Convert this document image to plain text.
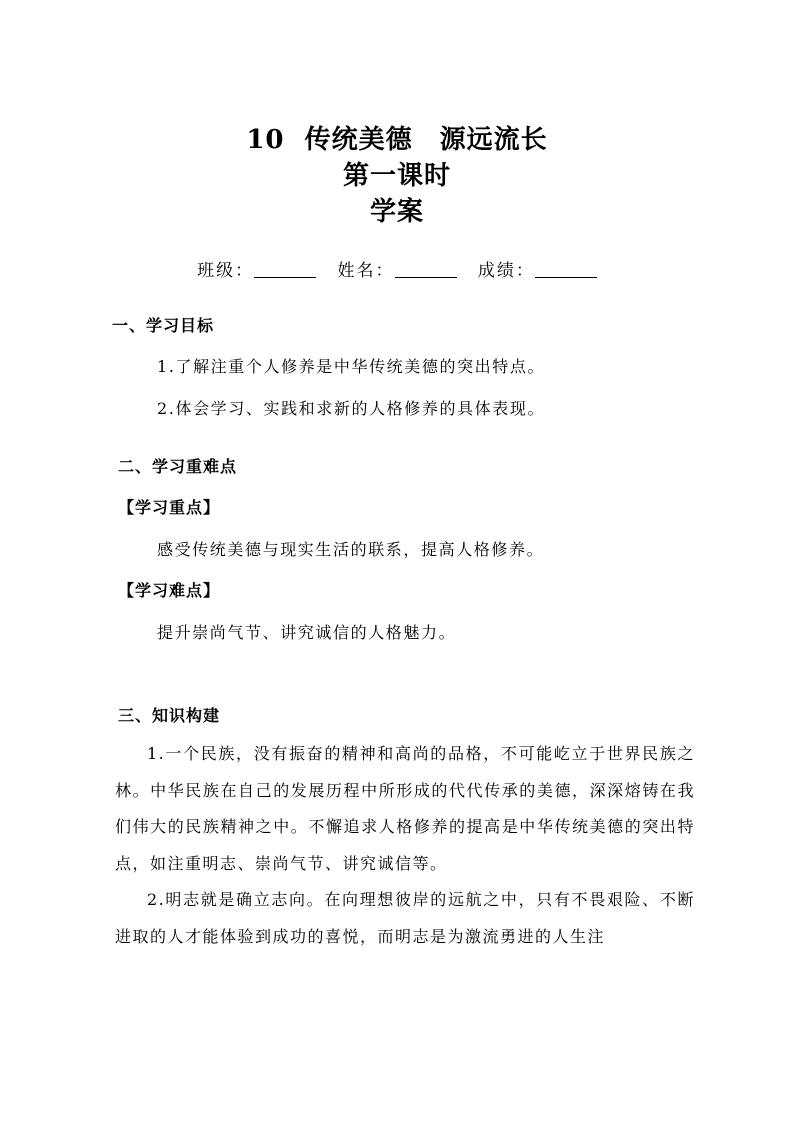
10  传统美德　源远流长
第一课时
学案
班级：	姓名：	成绩：
一、学习目标
1.了解注重个人修养是中华传统美德的突出特点。
2.体会学习、实践和求新的人格修养的具体表现。
二、学习重难点
【学习重点】
感受传统美德与现实生活的联系，提高人格修养。
【学习难点】
提升崇尚气节、讲究诚信的人格魅力。
三、知识构建
1.一个民族，没有振奋的精神和高尚的品格，不可能屹立于世界民族之林。中华民族在自己的发展历程中所形成的代代传承的美德，深深熔铸在我们伟大的民族精神之中。不懈追求人格修养的提高是中华传统美德的突出特点，如注重明志、崇尚气节、讲究诚信等。
2.明志就是确立志向。在向理想彼岸的远航之中，只有不畏艰险、不断进取的人才能体验到成功的喜悦，而明志是为激流勇进的人生注
